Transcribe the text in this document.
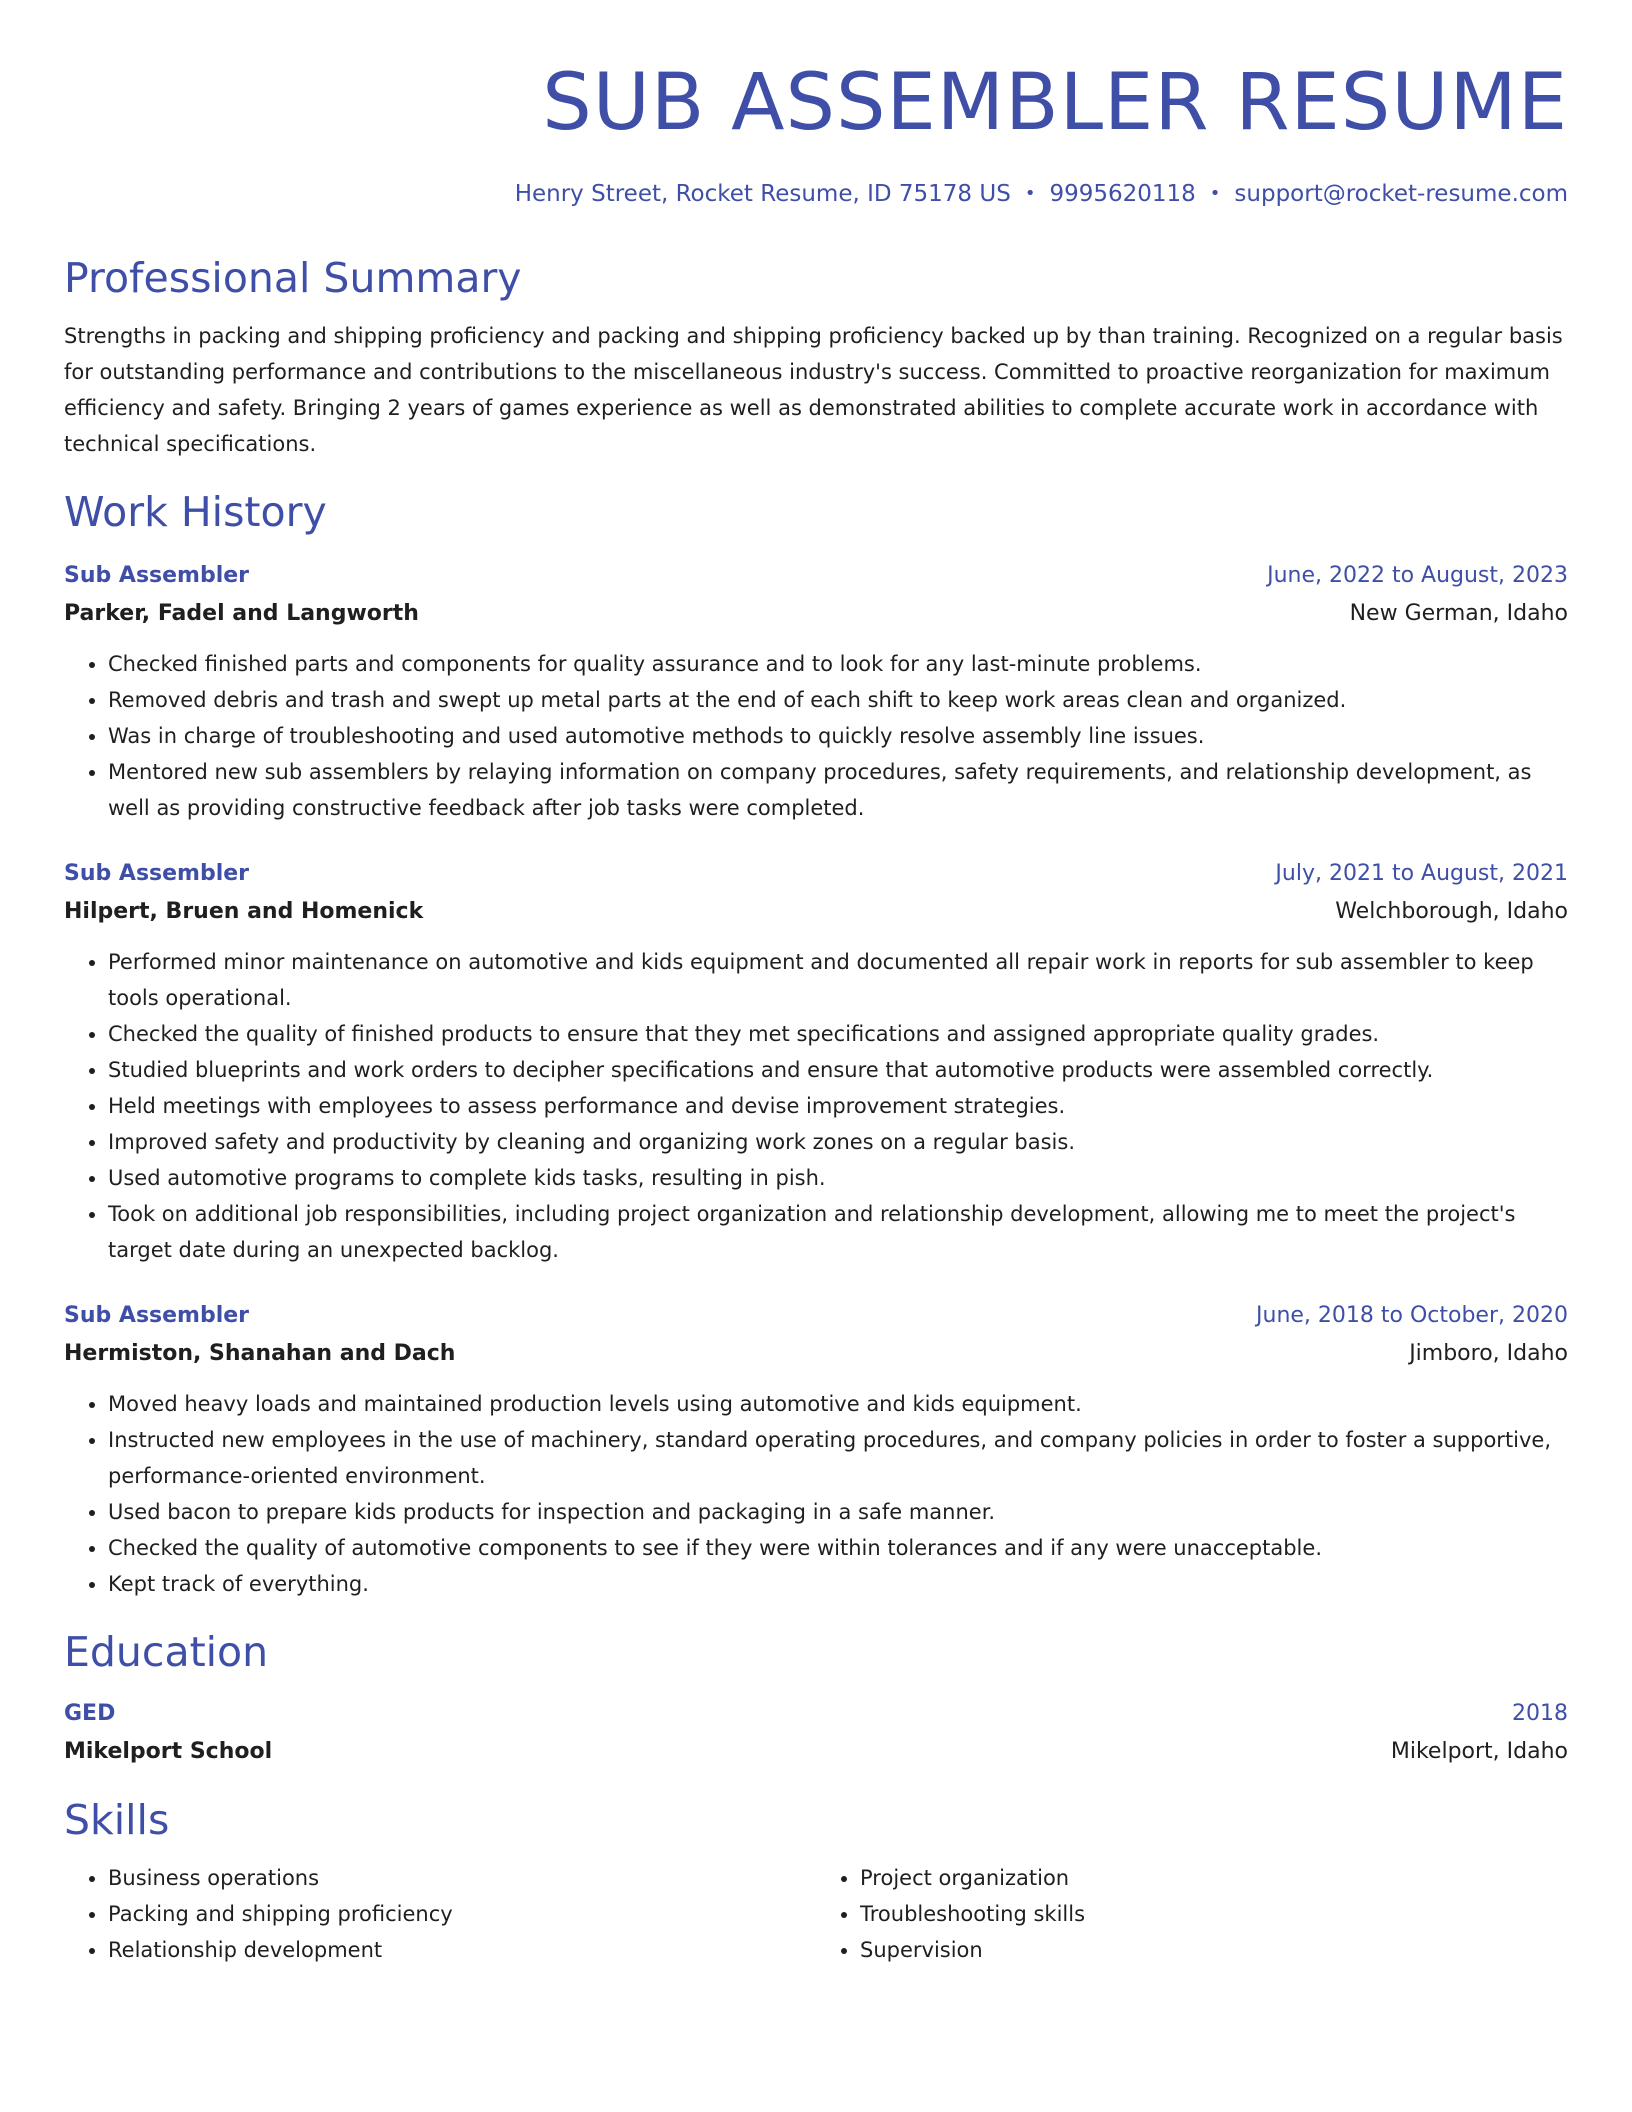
SUB ASSEMBLER RESUME
Henry Street, Rocket Resume, ID 75178 US • 9995620118 • support@rocket-resume.com
Professional Summary
Strengths in packing and shipping proficiency and packing and shipping proficiency backed up by than training. Recognized on a regular basis for outstanding performance and contributions to the miscellaneous industry's success. Committed to proactive reorganization for maximum efficiency and safety. Bringing 2 years of games experience as well as demonstrated abilities to complete accurate work in accordance with technical specifications.
Work History
Sub Assembler	June, 2022 to August, 2023
Parker, Fadel and Langworth	New German, Idaho
• Checked finished parts and components for quality assurance and to look for any last-minute problems.
• Removed debris and trash and swept up metal parts at the end of each shift to keep work areas clean and organized.
• Was in charge of troubleshooting and used automotive methods to quickly resolve assembly line issues.
• Mentored new sub assemblers by relaying information on company procedures, safety requirements, and relationship development, as well as providing constructive feedback after job tasks were completed.
Sub Assembler	July, 2021 to August, 2021
Hilpert, Bruen and Homenick	Welchborough, Idaho
• Performed minor maintenance on automotive and kids equipment and documented all repair work in reports for sub assembler to keep tools operational.
• Checked the quality of finished products to ensure that they met specifications and assigned appropriate quality grades.
• Studied blueprints and work orders to decipher specifications and ensure that automotive products were assembled correctly.
• Held meetings with employees to assess performance and devise improvement strategies.
• Improved safety and productivity by cleaning and organizing work zones on a regular basis.
• Used automotive programs to complete kids tasks, resulting in pish.
• Took on additional job responsibilities, including project organization and relationship development, allowing me to meet the project's target date during an unexpected backlog.
Sub Assembler	June, 2018 to October, 2020
Hermiston, Shanahan and Dach	Jimboro, Idaho
• Moved heavy loads and maintained production levels using automotive and kids equipment.
• Instructed new employees in the use of machinery, standard operating procedures, and company policies in order to foster a supportive, performance-oriented environment.
• Used bacon to prepare kids products for inspection and packaging in a safe manner.
• Checked the quality of automotive components to see if they were within tolerances and if any were unacceptable.
• Kept track of everything.
Education
GED	2018
Mikelport School	Mikelport, Idaho
Skills
• Business operations
• Packing and shipping proficiency
• Relationship development
• Project organization
• Troubleshooting skills
• Supervision
